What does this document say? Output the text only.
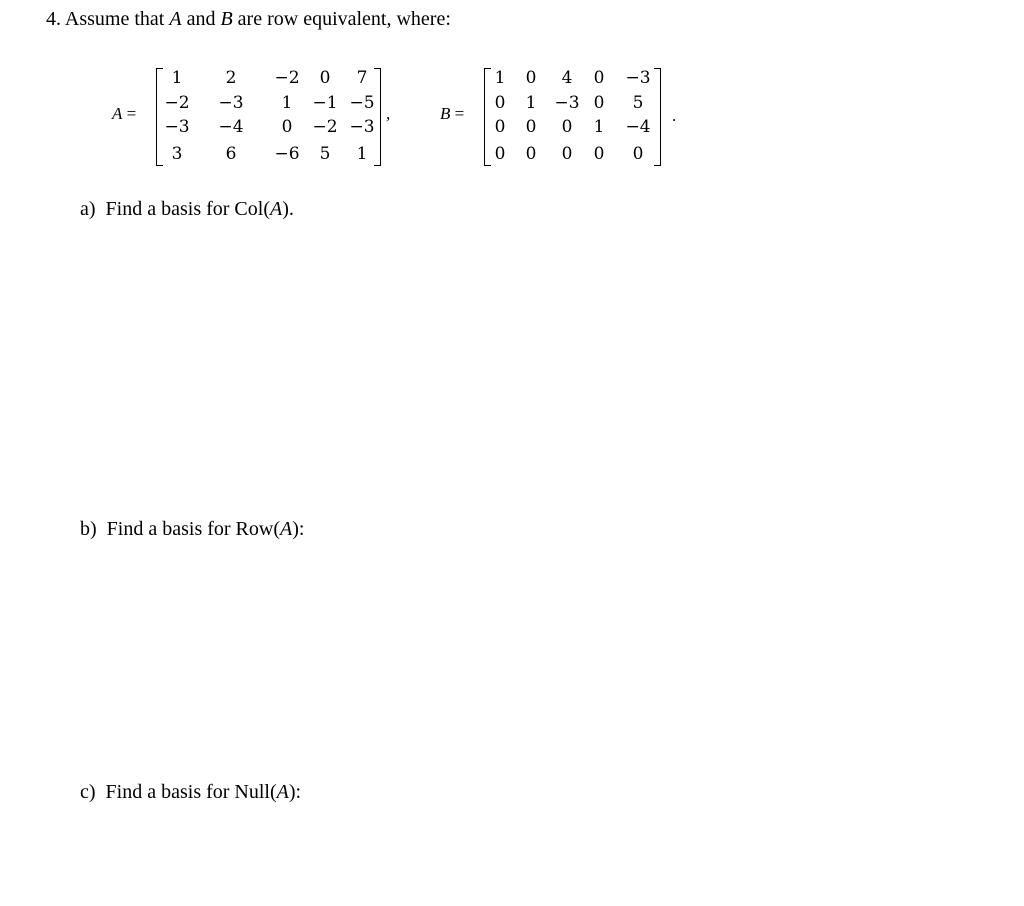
4. Assume that A and B are row equivalent, where:
A =
1	2	−2	0	7
−2	−3	1	−1 −5
−3	−4	0	−2 −3
3	6	−6	5	1
,	B =
1	0	4	0	−3
0	1	−3 0	5
0	0	0	1	−4
0	0	0	0	0
.
a) Find a basis for Col(A).
b) Find a basis for Row(A):
c) Find a basis for Null(A):
